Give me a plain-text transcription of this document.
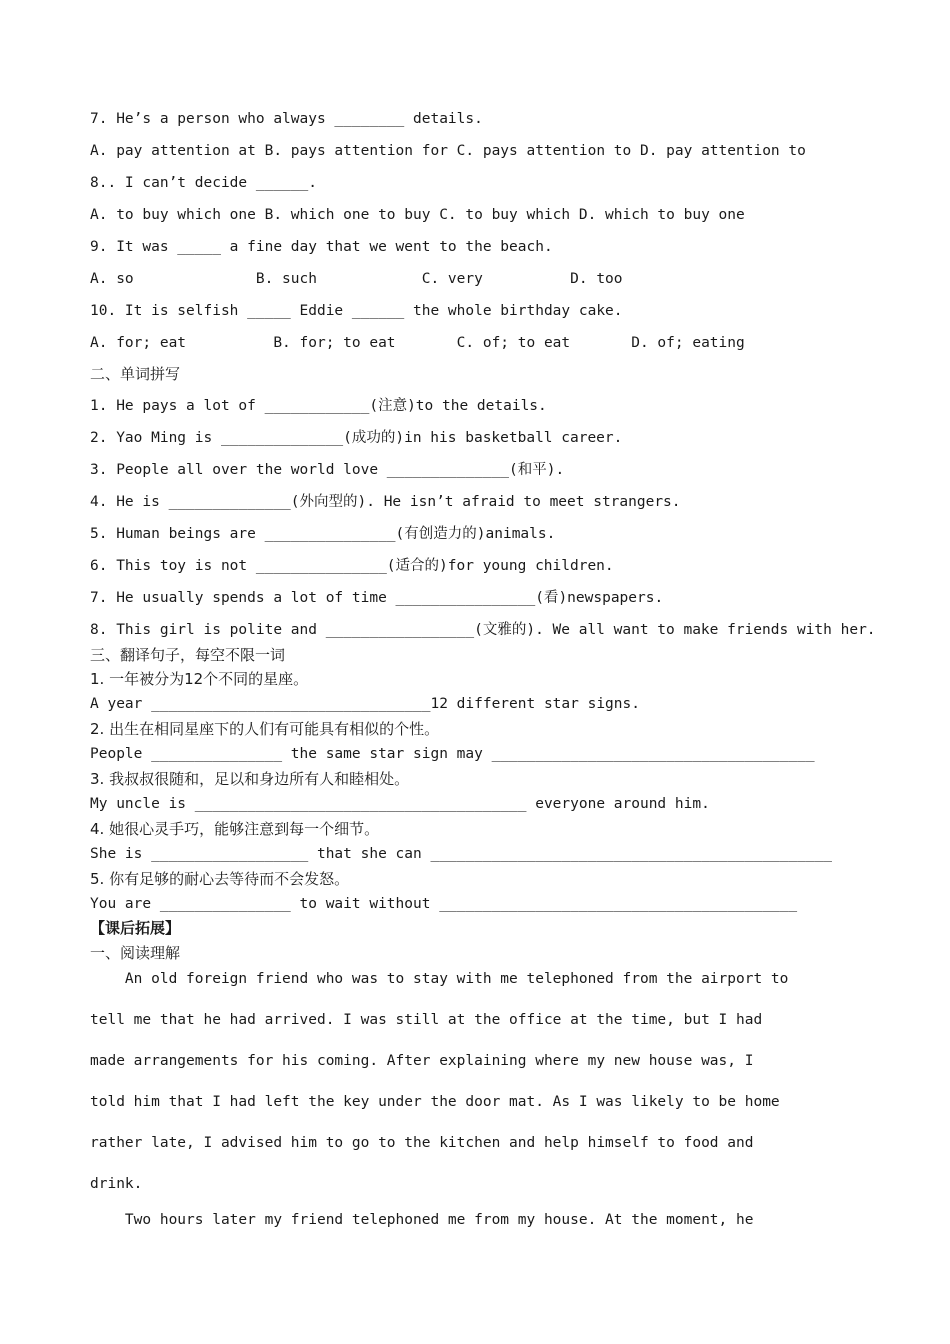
7. He’s a person who always ________ details.
A. pay attention at B. pays attention for C. pays attention to D. pay attention to
8.. I can’t decide ______.
A. to buy which one B. which one to buy C. to buy which D. which to buy one
9. It was _____ a fine day that we went to the beach.
A. so              B. such            C. very          D. too
10. It is selfish _____ Eddie ______ the whole birthday cake.
A. for; eat          B. for; to eat       C. of; to eat       D. of; eating
二、单词拼写
1. He pays a lot of ____________(注意)to the details.
2. Yao Ming is ______________(成功的)in his basketball career.
3. People all over the world love ______________(和平).
4. He is ______________(外向型的). He isn’t afraid to meet strangers.
5. Human beings are _______________(有创造力的)animals.
6. This toy is not _______________(适合的)for young children.
7. He usually spends a lot of time ________________(看)newspapers.
8. This girl is polite and _________________(文雅的). We all want to make friends with her.
三、翻译句子，每空不限一词
1. 一年被分为12个不同的星座。
A year ________________________________12 different star signs.
2. 出生在相同星座下的人们有可能具有相似的个性。
People _______________ the same star sign may _____________________________________
3. 我叔叔很随和，足以和身边所有人和睦相处。
My uncle is ______________________________________ everyone around him.
4. 她很心灵手巧，能够注意到每一个细节。
She is __________________ that she can ______________________________________________
5. 你有足够的耐心去等待而不会发怒。
You are _______________ to wait without _________________________________________
【课后拓展】
一、阅读理解
An old foreign friend who was to stay with me telephoned from the airport to
tell me that he had arrived. I was still at the office at the time, but I had
made arrangements for his coming. After explaining where my new house was, I
told him that I had left the key under the door mat. As I was likely to be home
rather late, I advised him to go to the kitchen and help himself to food and
drink.
Two hours later my friend telephoned me from my house. At the moment, he
